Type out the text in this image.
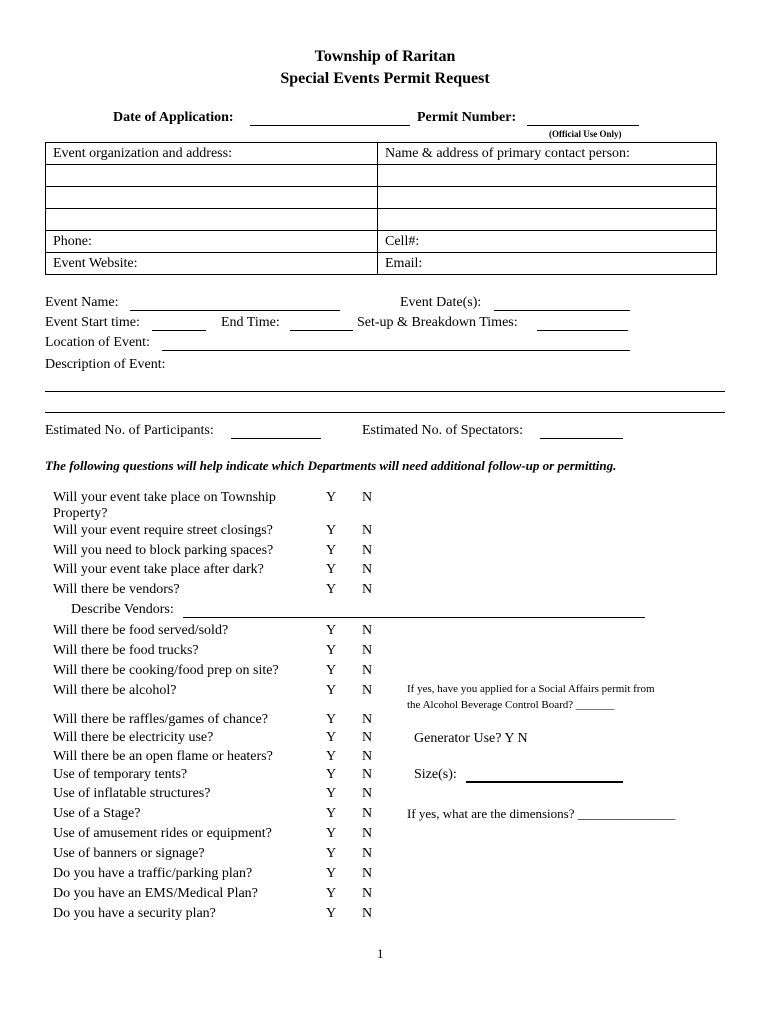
Township of Raritan
Special Events Permit Request
Date of Application:	Permit Number:
(Official Use Only)
Event organization and address:	Name & address of primary contact person:

Phone:	Cell#:
Event Website:	Email:
Event Name:	Event Date(s):
Event Start time:	End Time:	Set-up & Breakdown Times:
Location of Event:
Description of Event:
Estimated No. of Participants:	Estimated No. of Spectators:
The following questions will help indicate which Departments will need additional follow-up or permitting.
Will your event take place on Township
Property?
Y N
Will your event require street closings?	Y N
Will you need to block parking spaces?	Y N
Will your event take place after dark?	Y N
Will there be vendors?	Y N
Describe Vendors:
Will there be food served/sold?	Y N
Will there be food trucks?	Y N
Will there be cooking/food prep on site?	Y N
Will there be alcohol?	Y N	If yes, have you applied for a Social Affairs permit from
the Alcohol Beverage Control Board? _______
Will there be raffles/games of chance?	Y N
Will there be electricity use?	Y N	Generator Use? Y N
Will there be an open flame or heaters?	Y N
Use of temporary tents?	Y N	Size(s):
Use of inflatable structures?	Y N
Use of a Stage?	Y N	If yes, what are the dimensions? _______________
Use of amusement rides or equipment?	Y N
Use of banners or signage?	Y N
Do you have a traffic/parking plan?	Y N
Do you have an EMS/Medical Plan?	Y N
Do you have a security plan?	Y N
1
